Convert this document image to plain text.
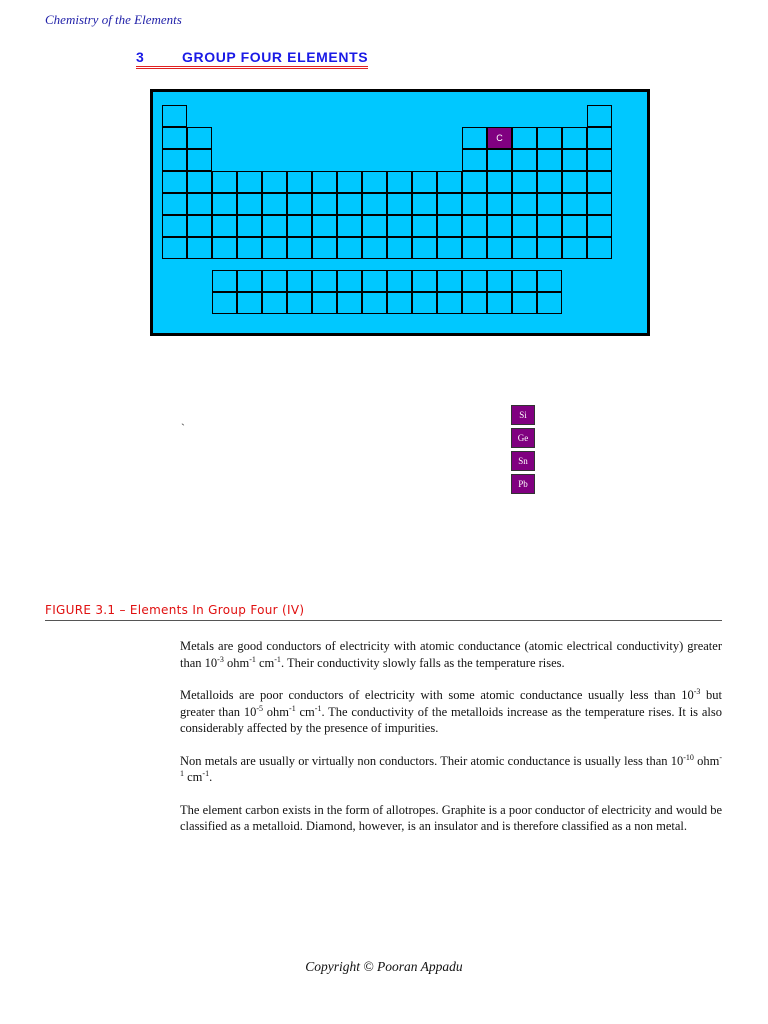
Chemistry of the Elements
3	GROUP FOUR ELEMENTS
C
`
Si
Ge
Sn
Pb
FIGURE 3.1 – Elements In Group Four (IV)

Metals are good conductors of electricity with atomic conductance (atomic electrical conductivity) greater than $10^{-3}$ ohm$^{-1}$ $cm^{-1}$. Their conductivity slowly falls as the temperature rises.

Metalloids are poor conductors of electricity with some atomic conductance usually less than $10^{-3}$ but greater than $10^{-5}$ ohm$^{-1}$ $cm^{-1}$. The conductivity of the metalloids increase as the temperature rises. It is also considerably affected by the presence of impurities.

Non metals are usually or virtually non conductors. Their atomic conductance is usually less than $10^{-10}$ ohm$^{-1}$ $cm^{-1}$.

The element carbon exists in the form of allotropes. Graphite is a poor conductor of electricity and would be classified as a metalloid. Diamond, however, is an insulator and is therefore classified as a non metal.

Copyright © Pooran Appadu
